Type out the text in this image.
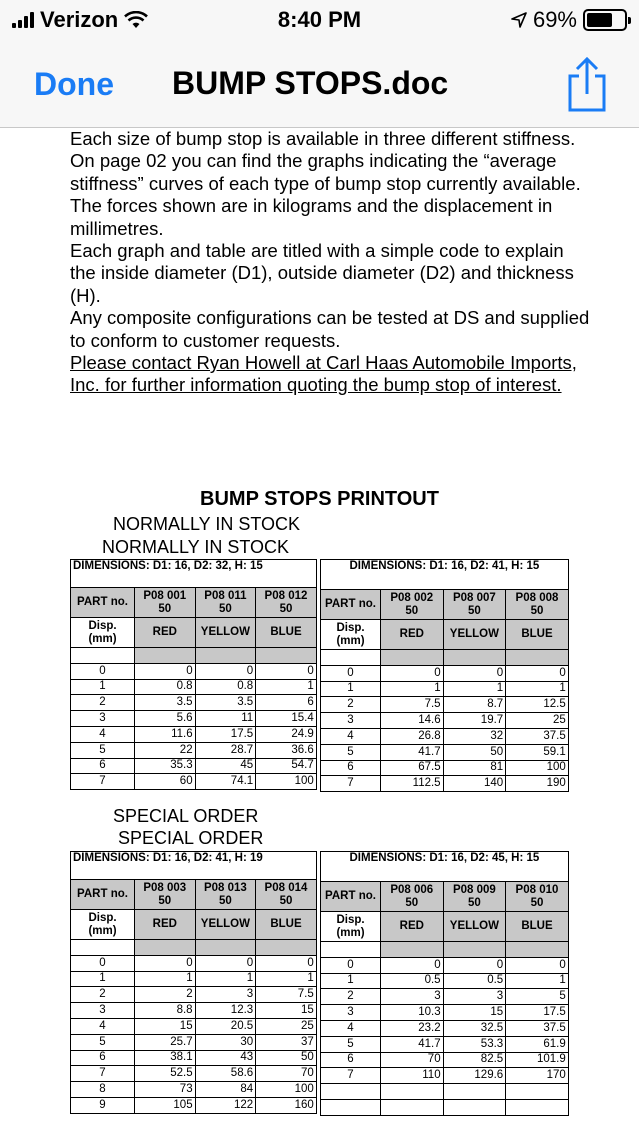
Verizon	8:40 PM	69%
Done BUMP STOPS.doc

Each size of bump stop is available in three different stiffness.

On page 02 you can find the graphs indicating the “average stiffness” curves of each type of bump stop currently available.

The forces shown are in kilograms and the displacement in millimetres.

Each graph and table are titled with a simple code to explain the inside diameter (D1), outside diameter (D2) and thickness (H).

Any composite configurations can be tested at DS and supplied to conform to customer requests.

Please contact Ryan Howell at Carl Haas Automobile Imports, Inc. for further information quoting the bump stop of interest.

BUMP STOPS PRINTOUT
NORMALLY IN STOCK
NORMALLY IN STOCK
SPECIAL ORDER
SPECIAL ORDER
DIMENSIONS: D1: 16, D2: 32, H: 15			
PART no.	P08 001 50	P08 011 50	P08 012 50
Disp. (mm)	RED	YELLOW	BLUE

0	0	0	0
1	0.8	0.8	1
2	3.5	3.5	6
3	5.6	11	15.4
4	11.6	17.5	24.9
5	22	28.7	36.6
6	35.3	45	54.7
7	60	74.1	100
DIMENSIONS: D1: 16, D2: 41, H: 15			
PART no.	P08 002 50	P08 007 50	P08 008 50
Disp. (mm)	RED	YELLOW	BLUE

0	0	0	0
1	1	1	1
2	7.5	8.7	12.5
3	14.6	19.7	25
4	26.8	32	37.5
5	41.7	50	59.1
6	67.5	81	100
7	112.5	140	190
DIMENSIONS: D1: 16, D2: 41, H: 19			
PART no.	P08 003 50	P08 013 50	P08 014 50
Disp. (mm)	RED	YELLOW	BLUE

0	0	0	0
1	1	1	1
2	2	3	7.5
3	8.8	12.3	15
4	15	20.5	25
5	25.7	30	37
6	38.1	43	50
7	52.5	58.6	70
8	73	84	100
9	105	122	160
DIMENSIONS: D1: 16, D2: 45, H: 15			
PART no.	P08 006 50	P08 009 50	P08 010 50
Disp. (mm)	RED	YELLOW	BLUE

0	0	0	0
1	0.5	0.5	1
2	3	3	5
3	10.3	15	17.5
4	23.2	32.5	37.5
5	41.7	53.3	61.9
6	70	82.5	101.9
7	110	129.6	170
